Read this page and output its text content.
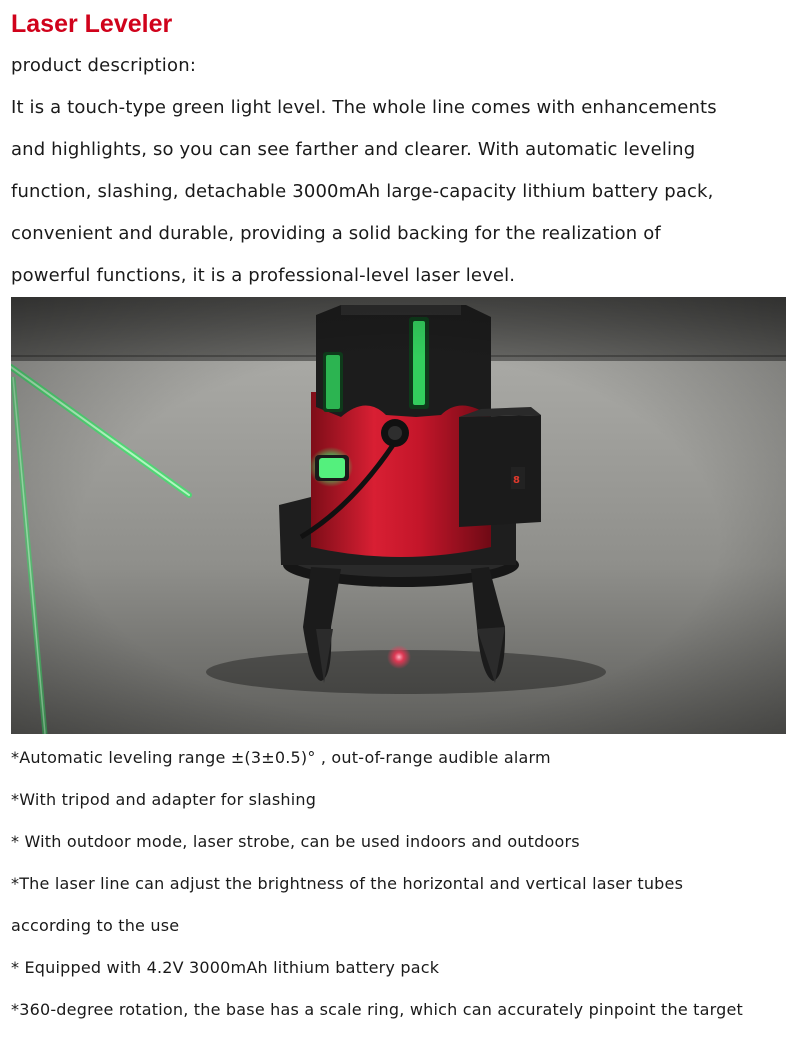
Laser Leveler

product description:

It is a touch-type green light level. The whole line comes with enhancements
and highlights, so you can see farther and clearer. With automatic leveling
function, slashing, detachable 3000mAh large-capacity lithium battery pack,
convenient and durable, providing a solid backing for the realization of
powerful functions, it is a professional-level laser level.
*Automatic leveling range ±(3±0.5)° , out-of-range audible alarm
*With tripod and adapter for slashing
* With outdoor mode, laser strobe, can be used indoors and outdoors
*The laser line can adjust the brightness of the horizontal and vertical laser tubes
according to the use
* Equipped with 4.2V 3000mAh lithium battery pack
*360-degree rotation, the base has a scale ring, which can accurately pinpoint the target
